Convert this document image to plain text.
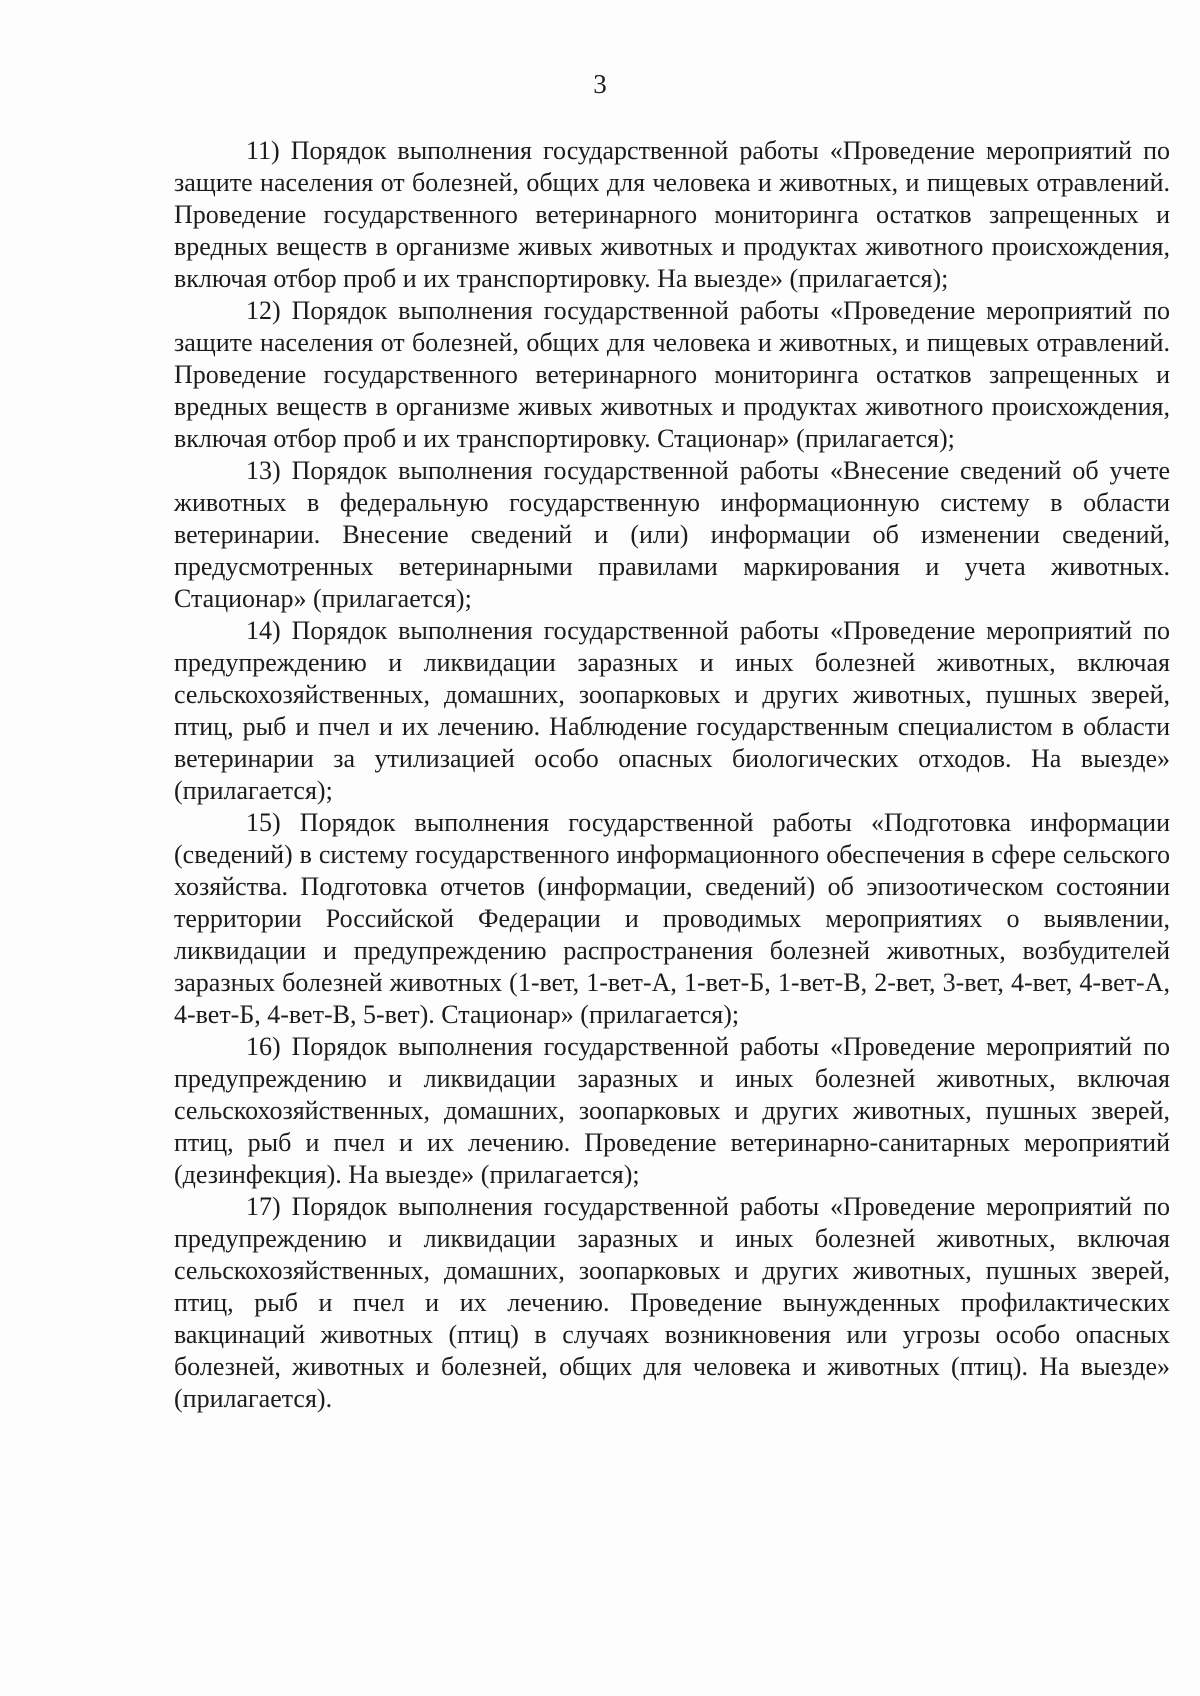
3

11) Порядок выполнения государственной работы «Проведение мероприятий по защите населения от болезней, общих для человека и животных, и пищевых отравлений. Проведение государственного ветеринарного мониторинга остатков запрещенных и вредных веществ в организме живых животных и продуктах животного происхождения, включая отбор проб и их транспортировку. На выезде» (прилагается);

12) Порядок выполнения государственной работы «Проведение мероприятий по защите населения от болезней, общих для человека и животных, и пищевых отравлений. Проведение государственного ветеринарного мониторинга остатков запрещенных и вредных веществ в организме живых животных и продуктах животного происхождения, включая отбор проб и их транспортировку. Стационар» (прилагается);

13) Порядок выполнения государственной работы «Внесение сведений об учете животных в федеральную государственную информационную систему в области ветеринарии. Внесение сведений и (или) информации об изменении сведений, предусмотренных ветеринарными правилами маркирования и учета животных. Стационар» (прилагается);

14) Порядок выполнения государственной работы «Проведение мероприятий по предупреждению и ликвидации заразных и иных болезней животных, включая сельскохозяйственных, домашних, зоопарковых и других животных, пушных зверей, птиц, рыб и пчел и их лечению. Наблюдение государственным специалистом в области ветеринарии за утилизацией особо опасных биологических отходов. На выезде» (прилагается);

15) Порядок выполнения государственной работы «Подготовка информации (сведений) в систему государственного информационного обеспечения в сфере сельского хозяйства. Подготовка отчетов (информации, сведений) об эпизоотическом состоянии территории Российской Федерации и проводимых мероприятиях о выявлении, ликвидации и предупреждению распространения болезней животных, возбудителей заразных болезней животных (1-вет, 1-вет-А, 1-вет-Б, 1-вет-В, 2-вет, 3-вет, 4-вет, 4-вет-А, 4-вет-Б, 4-вет-В, 5-вет). Стационар» (прилагается);

16) Порядок выполнения государственной работы «Проведение мероприятий по предупреждению и ликвидации заразных и иных болезней животных, включая сельскохозяйственных, домашних, зоопарковых и других животных, пушных зверей, птиц, рыб и пчел и их лечению. Проведение ветеринарно-санитарных мероприятий (дезинфекция). На выезде» (прилагается);

17) Порядок выполнения государственной работы «Проведение мероприятий по предупреждению и ликвидации заразных и иных болезней животных, включая сельскохозяйственных, домашних, зоопарковых и других животных, пушных зверей, птиц, рыб и пчел и их лечению. Проведение вынужденных профилактических вакцинаций животных (птиц) в случаях возникновения или угрозы особо опасных болезней, животных и болезней, общих для человека и животных (птиц). На выезде» (прилагается).
